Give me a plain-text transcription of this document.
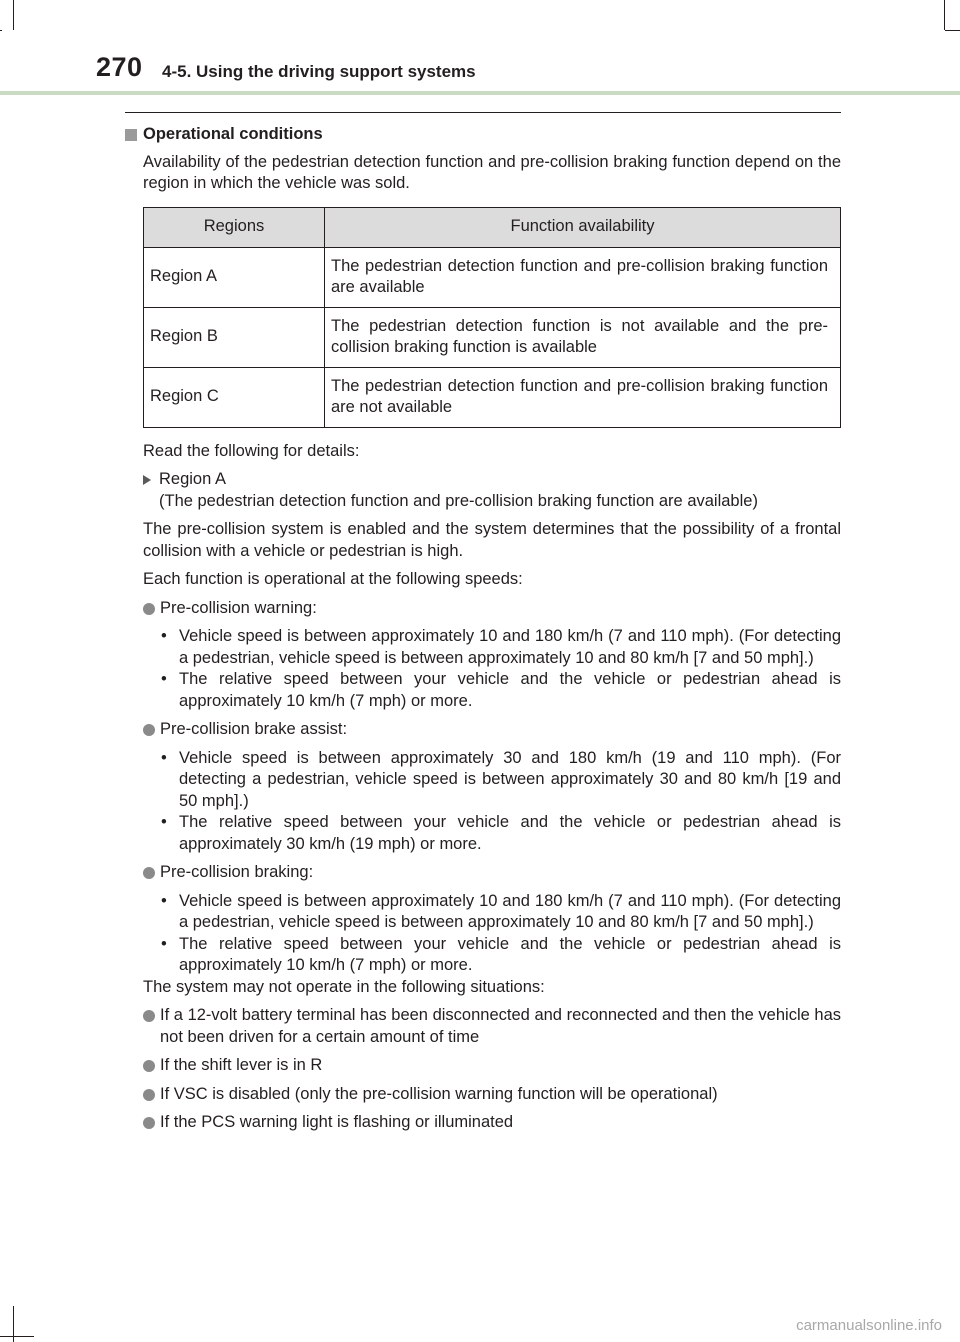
270 4-5. Using the driving support systems
Operational conditions

Availability of the pedestrian detection function and pre-collision braking function depend on the region in which the vehicle was sold.

Regions	Function availability
Region A	The pedestrian detection function and pre-collision braking function are available
Region B	The pedestrian detection function is not available and the pre-collision braking function is available
Region C	The pedestrian detection function and pre-collision braking function are not available

Read the following for details:

Region A
(The pedestrian detection function and pre-collision braking function are available)

The pre-collision system is enabled and the system determines that the possibility of a frontal collision with a vehicle or pedestrian is high.

Each function is operational at the following speeds:

Pre-collision warning:
• Vehicle speed is between approximately 10 and 180 km/h (7 and 110 mph). (For detecting a pedestrian, vehicle speed is between approximately 10 and 80 km/h [7 and 50 mph].)
• The relative speed between your vehicle and the vehicle or pedestrian ahead is approximately 10 km/h (7 mph) or more.
Pre-collision brake assist:
• Vehicle speed is between approximately 30 and 180 km/h (19 and 110 mph). (For detecting a pedestrian, vehicle speed is between approximately 30 and 80 km/h [19 and 50 mph].)
• The relative speed between your vehicle and the vehicle or pedestrian ahead is approximately 30 km/h (19 mph) or more.
Pre-collision braking:
• Vehicle speed is between approximately 10 and 180 km/h (7 and 110 mph). (For detecting a pedestrian, vehicle speed is between approximately 10 and 80 km/h [7 and 50 mph].)
• The relative speed between your vehicle and the vehicle or pedestrian ahead is approximately 10 km/h (7 mph) or more.

The system may not operate in the following situations:

If a 12-volt battery terminal has been disconnected and reconnected and then the vehicle has not been driven for a certain amount of time
If the shift lever is in R
If VSC is disabled (only the pre-collision warning function will be operational)
If the PCS warning light is flashing or illuminated
carmanualsonline.info
